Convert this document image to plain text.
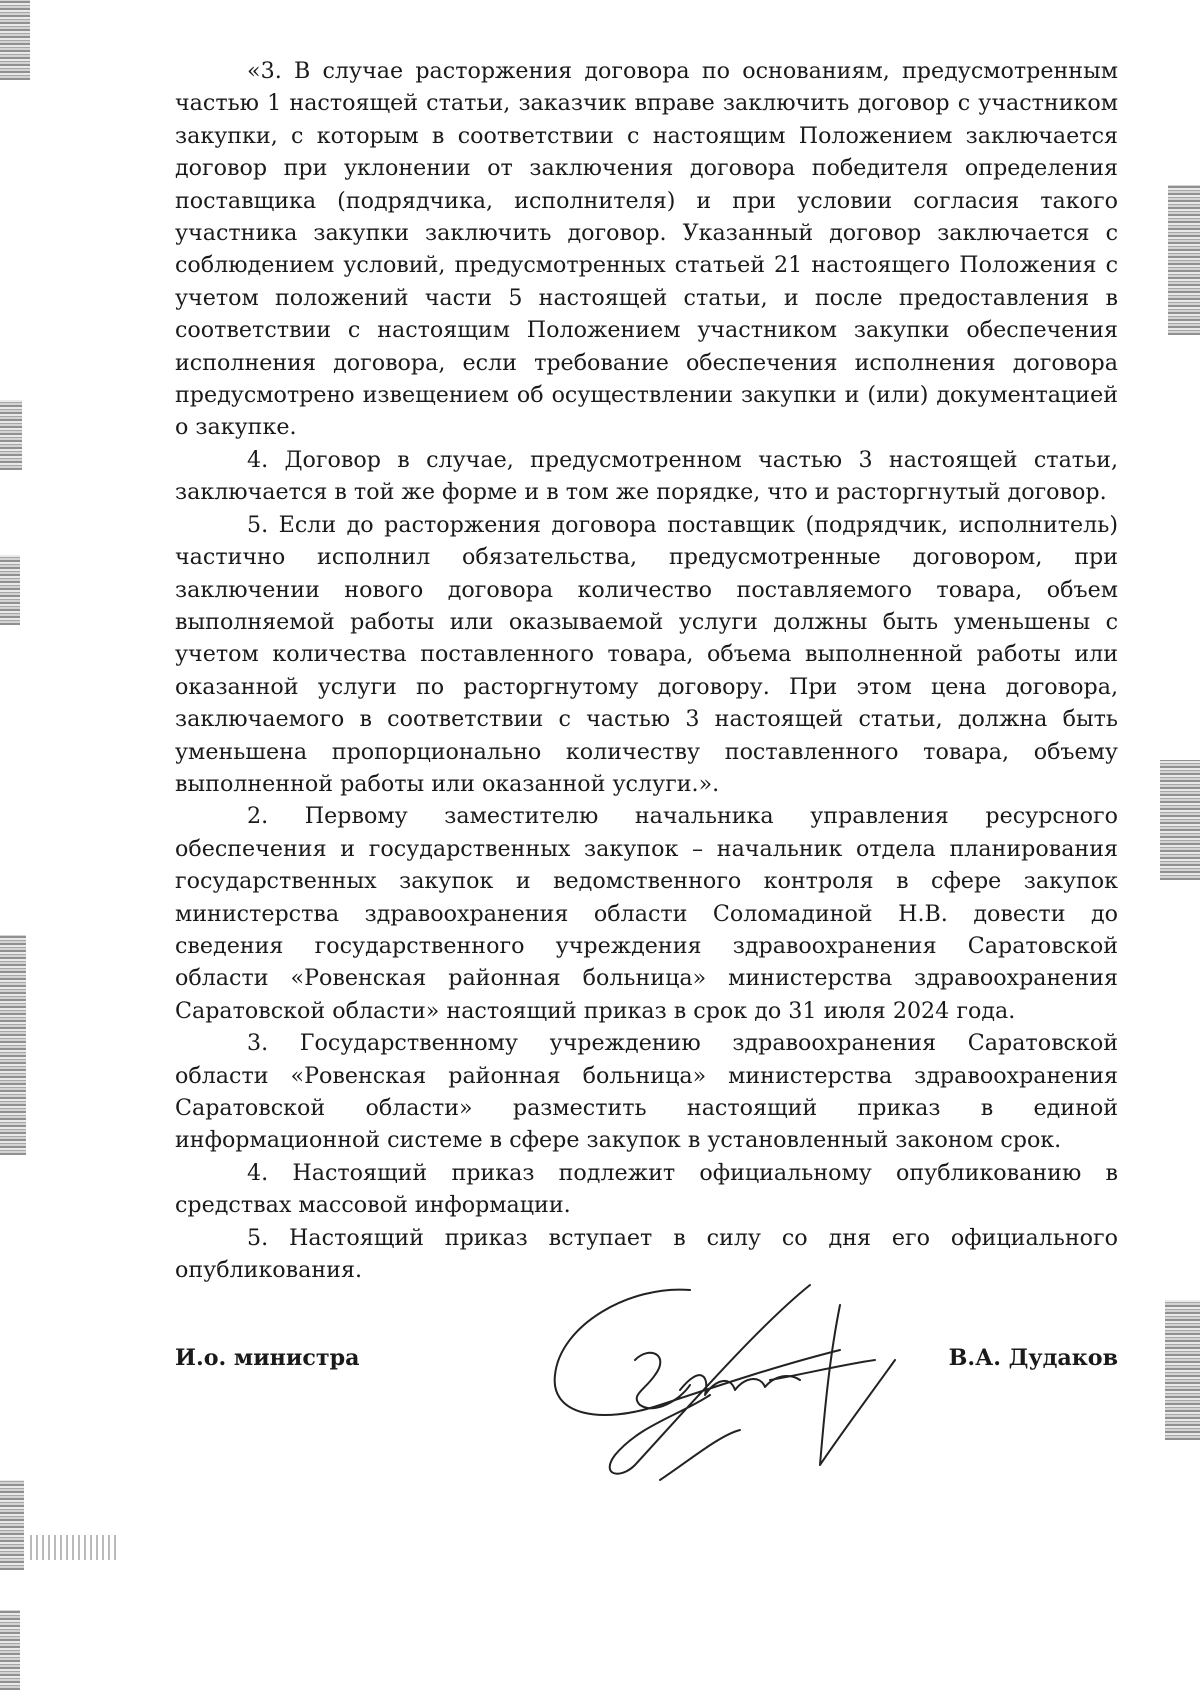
«3. В случае расторжения договора по основаниям, предусмотренным частью 1 настоящей статьи, заказчик вправе заключить договор с участником закупки, с которым в соответствии с настоящим Положением заключается договор при уклонении от заключения договора победителя определения поставщика (подрядчика, исполнителя) и при условии согласия такого участника закупки заключить договор. Указанный договор заключается с соблюдением условий, предусмотренных статьей 21 настоящего Положения с учетом положений части 5 настоящей статьи, и после предоставления в соответствии с настоящим Положением участником закупки обеспечения исполнения договора, если требование обеспечения исполнения договора предусмотрено извещением об осуществлении закупки и (или) документацией о закупке.

4. Договор в случае, предусмотренном частью 3 настоящей статьи, заключается в той же форме и в том же порядке, что и расторгнутый договор.

5. Если до расторжения договора поставщик (подрядчик, исполнитель) частично исполнил обязательства, предусмотренные договором, при заключении нового договора количество поставляемого товара, объем выполняемой работы или оказываемой услуги должны быть уменьшены с учетом количества поставленного товара, объема выполненной работы или оказанной услуги по расторгнутому договору. При этом цена договора, заключаемого в соответствии с частью 3 настоящей статьи, должна быть уменьшена пропорционально количеству поставленного товара, объему выполненной работы или оказанной услуги.».

2. Первому заместителю начальника управления ресурсного обеспечения и государственных закупок – начальник отдела планирования государственных закупок и ведомственного контроля в сфере закупок министерства здравоохранения области Соломадиной Н.В. довести до сведения государственного учреждения здравоохранения Саратовской области «Ровенская районная больница» министерства здравоохранения Саратовской области» настоящий приказ в срок до 31 июля 2024 года.

3. Государственному учреждению здравоохранения Саратовской области «Ровенская районная больница» министерства здравоохранения Саратовской области» разместить настоящий приказ в единой информационной системе в сфере закупок в установленный законом срок.

4. Настоящий приказ подлежит официальному опубликованию в средствах массовой информации.

5. Настоящий приказ вступает в силу со дня его официального опубликования.

И.о. министра	В.А. Дудаков
